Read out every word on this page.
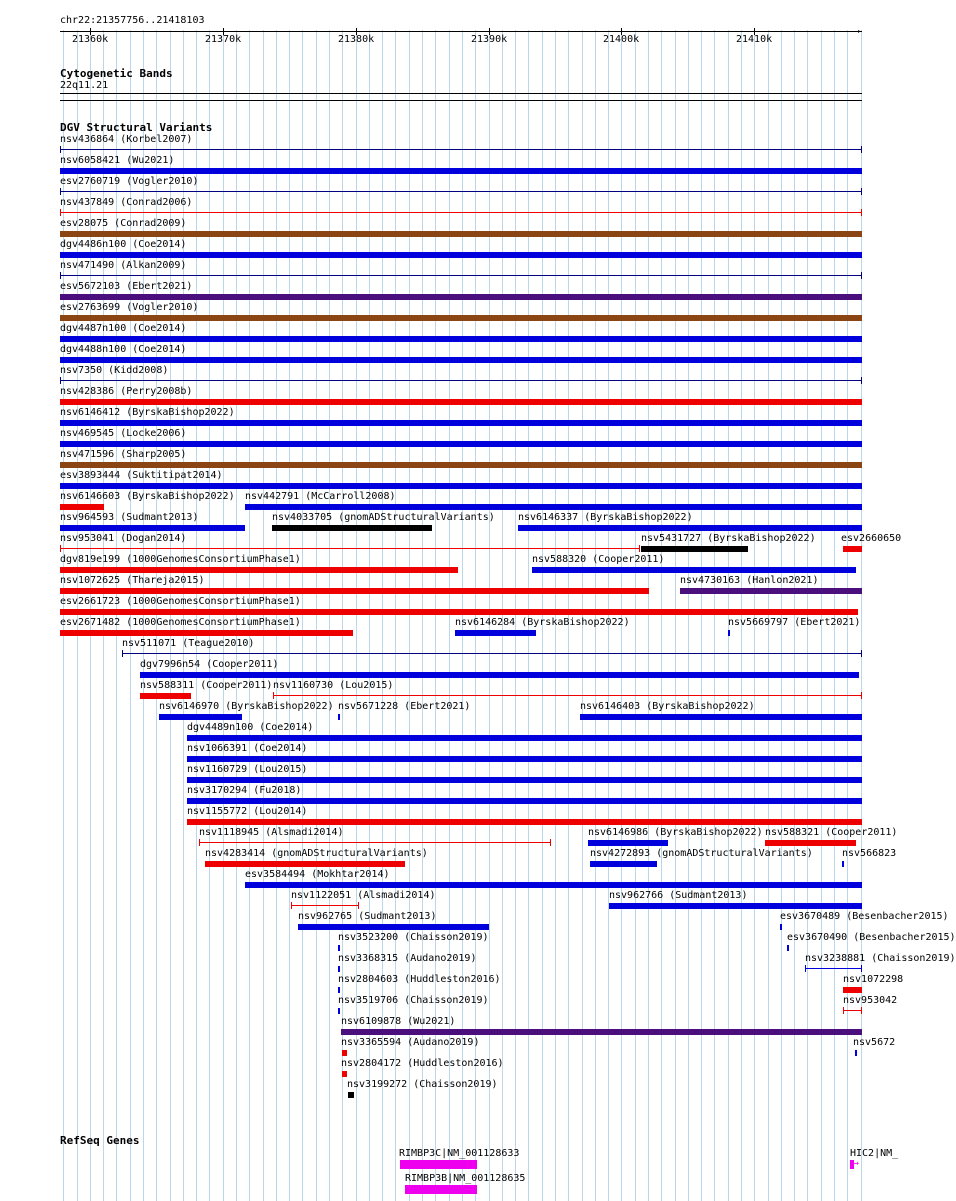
chr22:21357756..21418103
21360k	21370k	21380k	21390k	21400k	21410k
→
Cytogenetic Bands
22q11.21
DGV Structural Variants
nsv436864 (Korbel2007)
nsv6058421 (Wu2021)
esv2760719 (Vogler2010)
nsv437849 (Conrad2006)
esv28075 (Conrad2009)
dgv4486n100 (Coe2014)
nsv471490 (Alkan2009)
esv5672103 (Ebert2021)
esv2763699 (Vogler2010)
dgv4487n100 (Coe2014)
dgv4488n100 (Coe2014)
nsv7350 (Kidd2008)
nsv428386 (Perry2008b)
nsv6146412 (ByrskaBishop2022)
nsv469545 (Locke2006)
nsv471596 (Sharp2005)
esv3893444 (Suktitipat2014)
nsv6146603 (ByrskaBishop2022) nsv442791 (McCarroll2008)
nsv964593 (Sudmant2013)	nsv4033705 (gnomADStructuralVariants) nsv6146337 (ByrskaBishop2022)
nsv953041 (Dogan2014)	nsv5431727 (ByrskaBishop2022)	esv2660650
dgv819e199 (1000GenomesConsortiumPhase1)	nsv588320 (Cooper2011)
nsv1072625 (Thareja2015)	nsv4730163 (Hanlon2021)
esv2661723 (1000GenomesConsortiumPhase1)
esv2671482 (1000GenomesConsortiumPhase1)	nsv6146284 (ByrskaBishop2022)	nsv5669797 (Ebert2021)
nsv511071 (Teague2010)
dgv7996n54 (Cooper2011)
nsv588311 (Cooper2011) nsv1160730 (Lou2015)
nsv6146970 (ByrskaBishop2022) nsv5671228 (Ebert2021)	nsv6146403 (ByrskaBishop2022)
dgv4489n100 (Coe2014)
nsv1066391 (Coe2014)
nsv1160729 (Lou2015)
nsv3170294 (Fu2018)
nsv1155772 (Lou2014)
nsv1118945 (Alsmadi2014)	nsv6146986 (ByrskaBishop2022) nsv588321 (Cooper2011)
nsv4283414 (gnomADStructuralVariants)	nsv4272893 (gnomADStructuralVariants)	nsv566823
esv3584494 (Mokhtar2014)
nsv1122051 (Alsmadi2014)	nsv962766 (Sudmant2013)
nsv962765 (Sudmant2013)	esv3670489 (Besenbacher2015)
nsv3523200 (Chaisson2019)	esv3670490 (Besenbacher2015)
nsv3368315 (Audano2019)	nsv3238881 (Chaisson2019)
nsv2804603 (Huddleston2016)	nsv1072298
nsv3519706 (Chaisson2019)	nsv953042
nsv6109878 (Wu2021)
nsv3365594 (Audano2019)	nsv5672
nsv2804172 (Huddleston2016)
nsv3199272 (Chaisson2019)
RefSeq Genes
RIMBP3C|NM_001128633
RIMBP3B|NM_001128635
HIC2|NM_
↦
